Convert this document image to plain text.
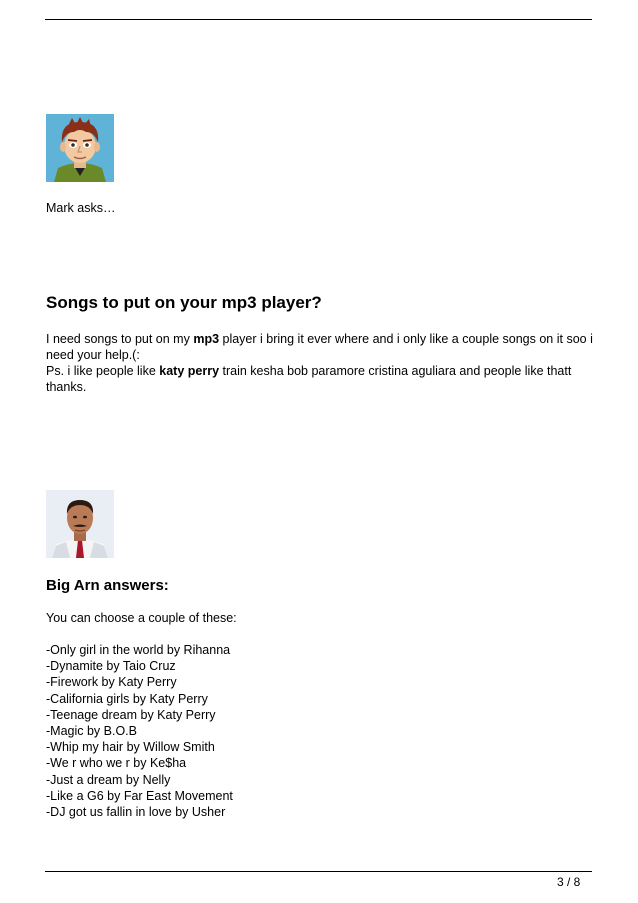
Mark asks…
Songs to put on your mp3 player?
I need songs to put on my mp3 player i bring it ever where and i only like a couple songs on it soo i need your help.(:
Ps. i like people like katy perry train kesha bob paramore cristina aguliara and people like thatt thanks.
Big Arn answers:
You can choose a couple of these:
-Only girl in the world by Rihanna
-Dynamite by Taio Cruz
-Firework by Katy Perry
-California girls by Katy Perry
-Teenage dream by Katy Perry
-Magic by B.O.B
-Whip my hair by Willow Smith
-We r who we r by Ke$ha
-Just a dream by Nelly
-Like a G6 by Far East Movement
-DJ got us fallin in love by Usher
3 / 8
